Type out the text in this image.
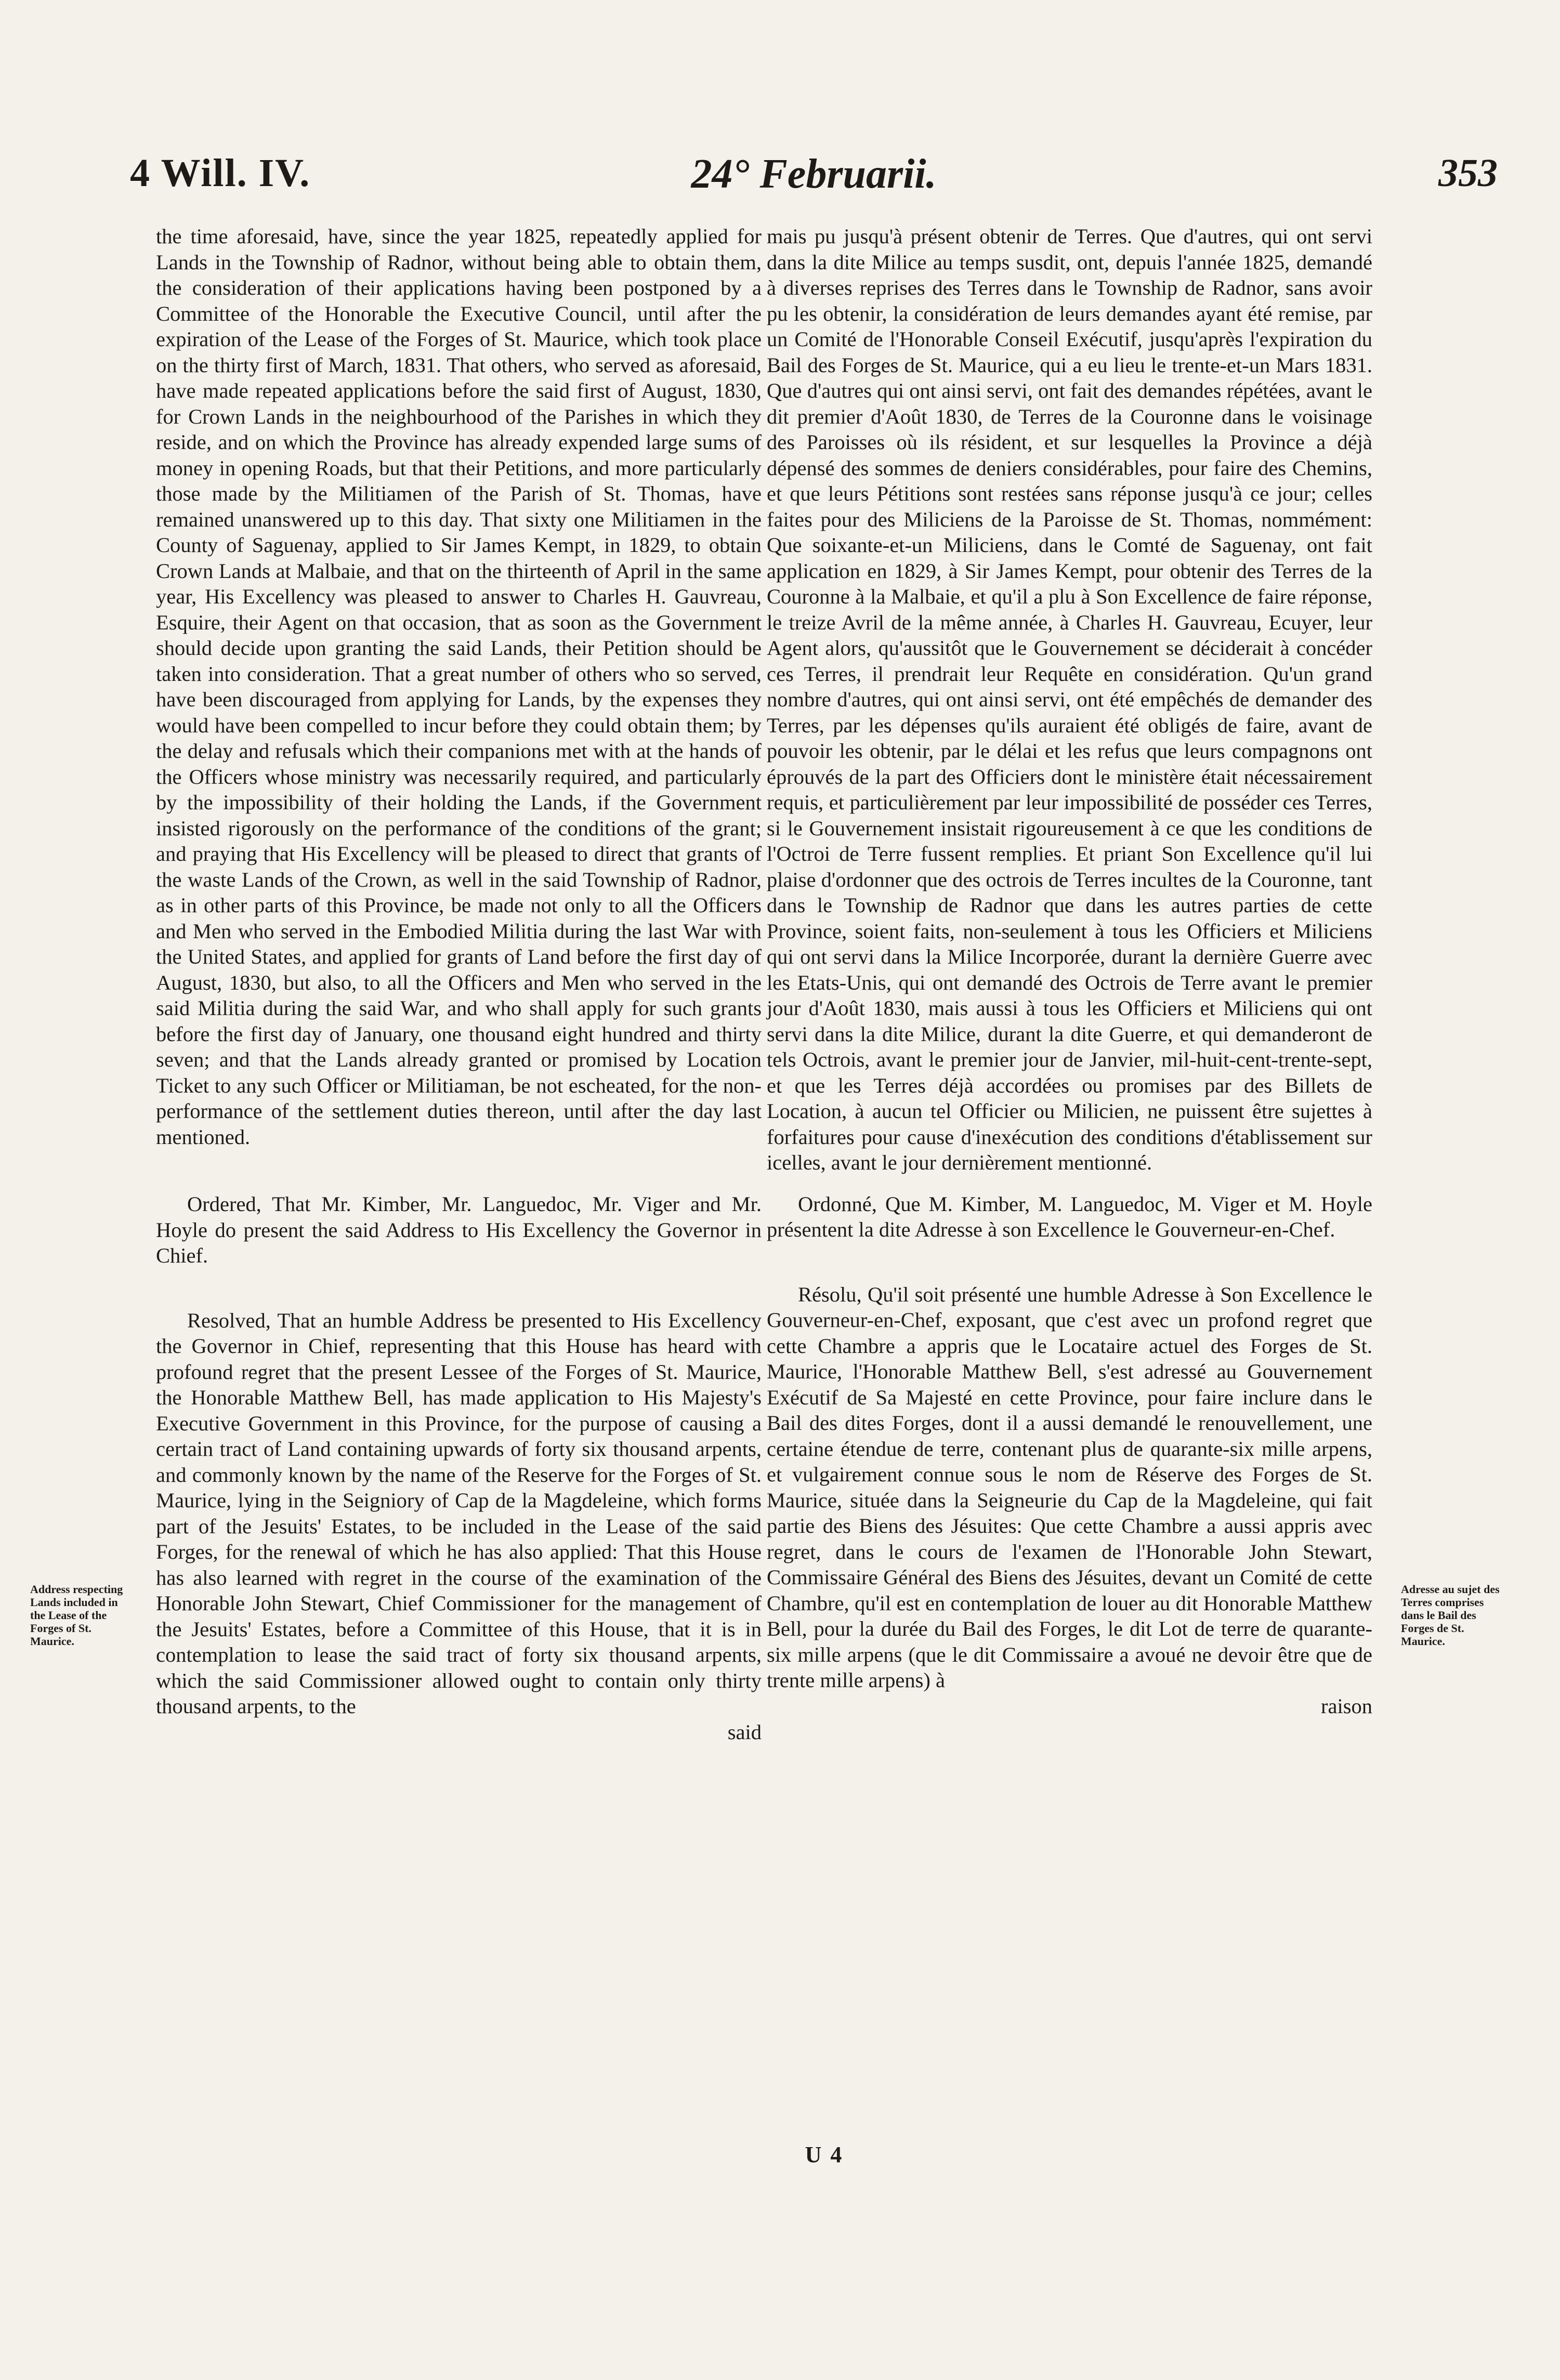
4 Will. IV.	24° Februarii.	353

the time aforesaid, have, since the year 1825, repeatedly applied for Lands in the Township of Radnor, without being able to obtain them, the consideration of their applications having been postponed by a Committee of the Honorable the Executive Council, until after the expiration of the Lease of the Forges of St. Maurice, which took place on the thirty first of March, 1831. That others, who served as aforesaid, have made repeated applications before the said first of August, 1830, for Crown Lands in the neighbourhood of the Parishes in which they reside, and on which the Province has already expended large sums of money in opening Roads, but that their Petitions, and more particularly those made by the Militiamen of the Parish of St. Thomas, have remained unanswered up to this day. That sixty one Militiamen in the County of Saguenay, applied to Sir James Kempt, in 1829, to obtain Crown Lands at Malbaie, and that on the thirteenth of April in the same year, His Excellency was pleased to answer to Charles H. Gauvreau, Esquire, their Agent on that occasion, that as soon as the Government should decide upon granting the said Lands, their Petition should be taken into consideration. That a great number of others who so served, have been discouraged from applying for Lands, by the expenses they would have been compelled to incur before they could obtain them; by the delay and refusals which their companions met with at the hands of the Officers whose ministry was necessarily required, and particularly by the impossibility of their holding the Lands, if the Government insisted rigorously on the performance of the conditions of the grant; and praying that His Excellency will be pleased to direct that grants of the waste Lands of the Crown, as well in the said Township of Radnor, as in other parts of this Province, be made not only to all the Officers and Men who served in the Embodied Militia during the last War with the United States, and applied for grants of Land before the first day of August, 1830, but also, to all the Officers and Men who served in the said Militia during the said War, and who shall apply for such grants before the first day of January, one thousand eight hundred and thirty seven; and that the Lands already granted or promised by Location Ticket to any such Officer or Militiaman, be not escheated, for the non-performance of the settlement duties thereon, until after the day last mentioned.

Ordered, That Mr. Kimber, Mr. Languedoc, Mr. Viger and Mr. Hoyle do present the said Address to His Excellency the Governor in Chief.

Resolved, That an humble Address be presented to His Excellency the Governor in Chief, representing that this House has heard with profound regret that the present Lessee of the Forges of St. Maurice, the Honorable Matthew Bell, has made application to His Majesty's Executive Government in this Province, for the purpose of causing a certain tract of Land containing upwards of forty six thousand arpents, and commonly known by the name of the Reserve for the Forges of St. Maurice, lying in the Seigniory of Cap de la Magdeleine, which forms part of the Jesuits' Estates, to be included in the Lease of the said Forges, for the renewal of which he has also applied: That this House has also learned with regret in the course of the examination of the Honorable John Stewart, Chief Commissioner for the management of the Jesuits' Estates, before a Committee of this House, that it is in contemplation to lease the said tract of forty six thousand arpents, which the said Commissioner allowed ought to contain only thirty thousand arpents, to the

said

mais pu jusqu'à présent obtenir de Terres. Que d'autres, qui ont servi dans la dite Milice au temps susdit, ont, depuis l'année 1825, demandé à diverses reprises des Terres dans le Township de Radnor, sans avoir pu les obtenir, la considération de leurs demandes ayant été remise, par un Comité de l'Honorable Conseil Exécutif, jusqu'après l'expiration du Bail des Forges de St. Maurice, qui a eu lieu le trente-et-un Mars 1831. Que d'autres qui ont ainsi servi, ont fait des demandes répétées, avant le dit premier d'Août 1830, de Terres de la Couronne dans le voisinage des Paroisses où ils résident, et sur lesquelles la Province a déjà dépensé des sommes de deniers considérables, pour faire des Chemins, et que leurs Pétitions sont restées sans réponse jusqu'à ce jour; celles faites pour des Miliciens de la Paroisse de St. Thomas, nommément: Que soixante-et-un Miliciens, dans le Comté de Saguenay, ont fait application en 1829, à Sir James Kempt, pour obtenir des Terres de la Couronne à la Malbaie, et qu'il a plu à Son Excellence de faire réponse, le treize Avril de la même année, à Charles H. Gauvreau, Ecuyer, leur Agent alors, qu'aussitôt que le Gouvernement se déciderait à concéder ces Terres, il prendrait leur Requête en considération. Qu'un grand nombre d'autres, qui ont ainsi servi, ont été empêchés de demander des Terres, par les dépenses qu'ils auraient été obligés de faire, avant de pouvoir les obtenir, par le délai et les refus que leurs compagnons ont éprouvés de la part des Officiers dont le ministère était nécessairement requis, et particulièrement par leur impossibilité de posséder ces Terres, si le Gouvernement insistait rigoureusement à ce que les conditions de l'Octroi de Terre fussent remplies. Et priant Son Excellence qu'il lui plaise d'ordonner que des octrois de Terres incultes de la Couronne, tant dans le Township de Radnor que dans les autres parties de cette Province, soient faits, non-seulement à tous les Officiers et Miliciens qui ont servi dans la Milice Incorporée, durant la dernière Guerre avec les Etats-Unis, qui ont demandé des Octrois de Terre avant le premier jour d'Août 1830, mais aussi à tous les Officiers et Miliciens qui ont servi dans la dite Milice, durant la dite Guerre, et qui demanderont de tels Octrois, avant le premier jour de Janvier, mil-huit-cent-trente-sept, et que les Terres déjà accordées ou promises par des Billets de Location, à aucun tel Officier ou Milicien, ne puissent être sujettes à forfaitures pour cause d'inexécution des conditions d'établissement sur icelles, avant le jour dernièrement mentionné.

Ordonné, Que M. Kimber, M. Languedoc, M. Viger et M. Hoyle présentent la dite Adresse à son Excellence le Gouverneur-en-Chef.

Résolu, Qu'il soit présenté une humble Adresse à Son Excellence le Gouverneur-en-Chef, exposant, que c'est avec un profond regret que cette Chambre a appris que le Locataire actuel des Forges de St. Maurice, l'Honorable Matthew Bell, s'est adressé au Gouvernement Exécutif de Sa Majesté en cette Province, pour faire inclure dans le Bail des dites Forges, dont il a aussi demandé le renouvellement, une certaine étendue de terre, contenant plus de quarante-six mille arpens, et vulgairement connue sous le nom de Réserve des Forges de St. Maurice, située dans la Seigneurie du Cap de la Magdeleine, qui fait partie des Biens des Jésuites: Que cette Chambre a aussi appris avec regret, dans le cours de l'examen de l'Honorable John Stewart, Commissaire Général des Biens des Jésuites, devant un Comité de cette Chambre, qu'il est en contemplation de louer au dit Honorable Matthew Bell, pour la durée du Bail des Forges, le dit Lot de terre de quarante-six mille arpens (que le dit Commissaire a avoué ne devoir être que de trente mille arpens) à

raison

Address respecting Lands included in the Lease of the Forges of St. Maurice.
Adresse au sujet des Terres comprises dans le Bail des Forges de St. Maurice.
U 4
